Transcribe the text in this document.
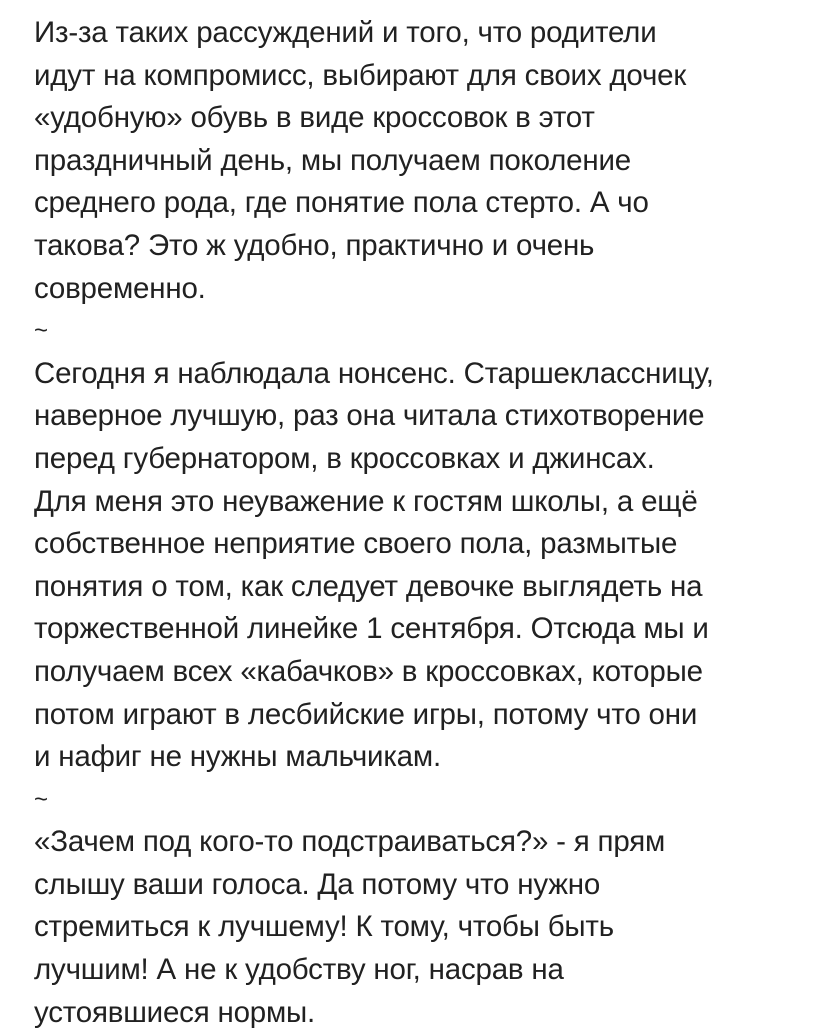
Из-за таких рассуждений и того, что родители
идут на компромисс, выбирают для своих дочек
«удобную» обувь в виде кроссовок в этот
праздничный день, мы получаем поколение
среднего рода, где понятие пола стерто. А чо
такова? Это ж удобно, практично и очень
современно.
~
Сегодня я наблюдала нонсенс. Старшеклассницу,
наверное лучшую, раз она читала стихотворение
перед губернатором, в кроссовках и джинсах.
Для меня это неуважение к гостям школы, а ещё
собственное неприятие своего пола, размытые
понятия о том, как следует девочке выглядеть на
торжественной линейке 1 сентября. Отсюда мы и
получаем всех «кабачков» в кроссовках, которые
потом играют в лесбийские игры, потому что они
и нафиг не нужны мальчикам.
~
«Зачем под кого-то подстраиваться?» - я прям
слышу ваши голоса. Да потому что нужно
стремиться к лучшему! К тому, чтобы быть
лучшим! А не к удобству ног, насрав на
устоявшиеся нормы.
